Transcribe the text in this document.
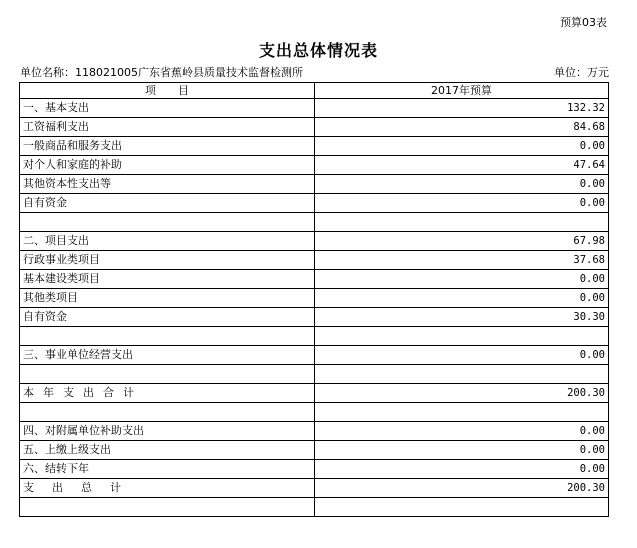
预算03表
支出总体情况表
单位名称：118021005广东省蕉岭县质量技术监督检测所	单位：万元
项　　目	2017年预算
一、基本支出	132.32
工资福利支出	84.68
一般商品和服务支出	0.00
对个人和家庭的补助	47.64
其他资本性支出等	0.00
自有资金	0.00

二、项目支出	67.98
行政事业类项目	37.68
基本建设类项目	0.00
其他类项目	0.00
自有资金	30.30

三、事业单位经营支出	0.00

本年支出合计	200.30

四、对附属单位补助支出	0.00
五、上缴上级支出	0.00
六、结转下年	0.00
支出总计	200.30
